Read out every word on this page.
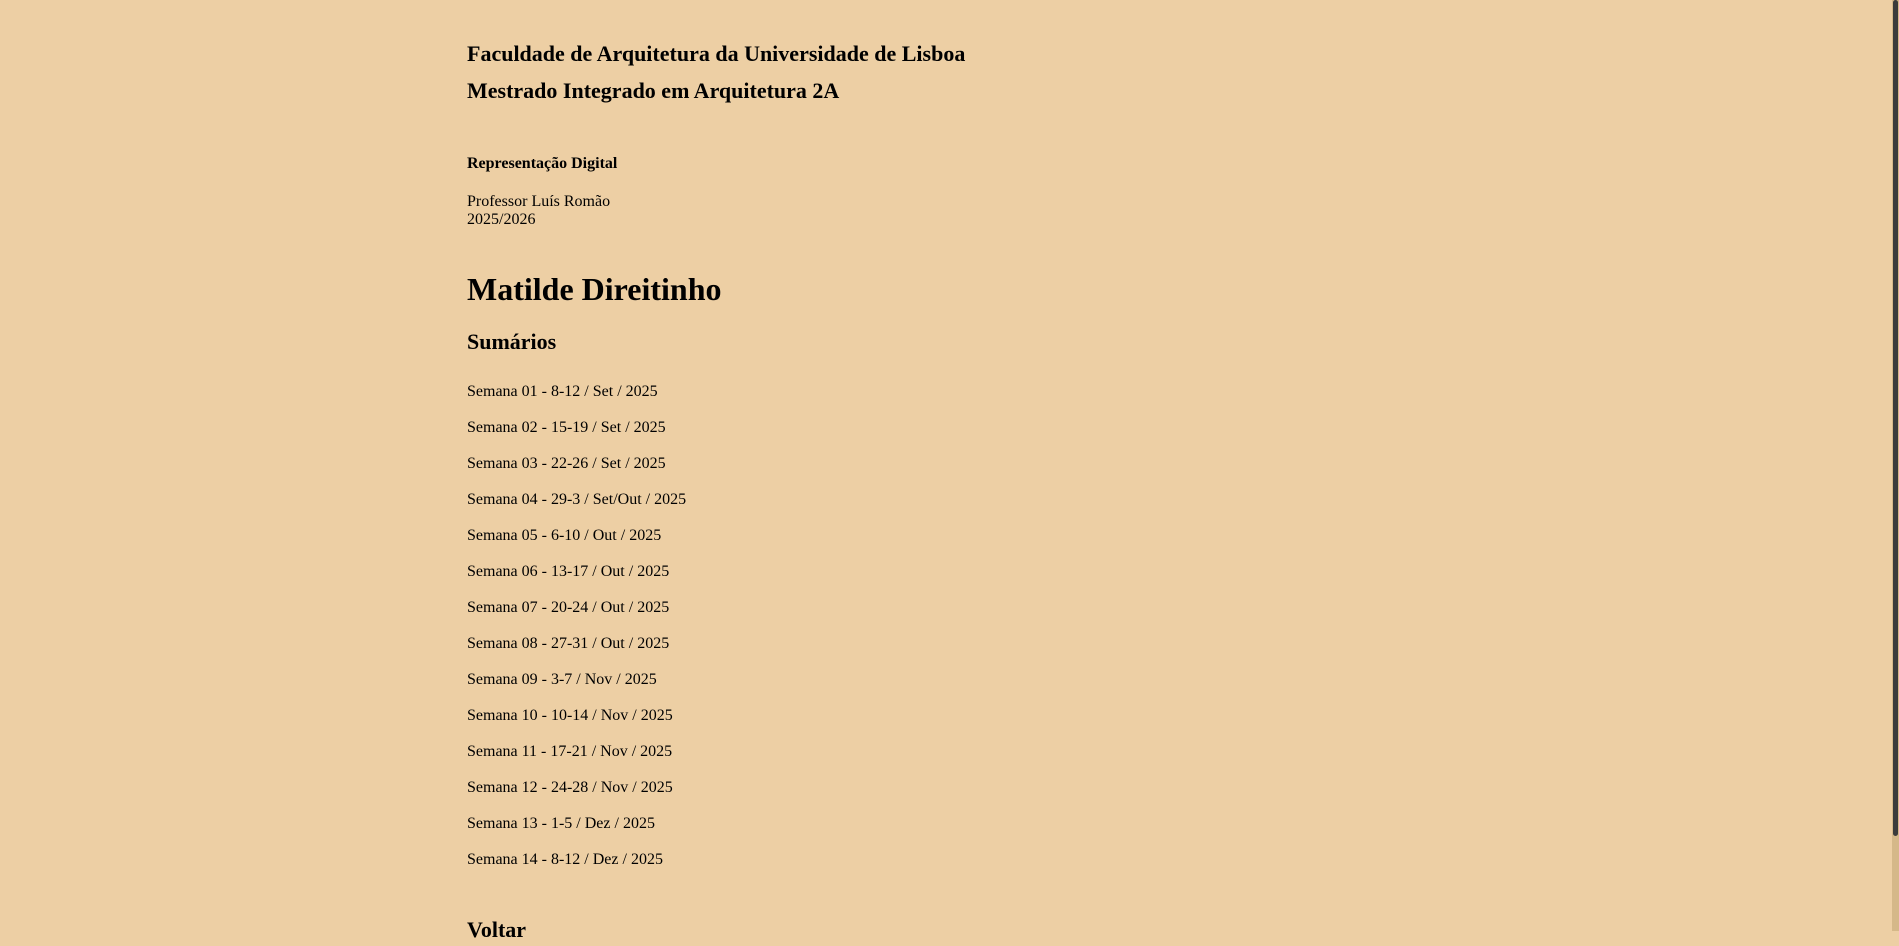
Faculdade de Arquitetura da Universidade de Lisboa
Mestrado Integrado em Arquitetura 2A
Representação Digital
Professor Luís Romão
2025/2026
Matilde Direitinho
Sumários
Semana 01 - 8-12 / Set / 2025
Semana 02 - 15-19 / Set / 2025
Semana 03 - 22-26 / Set / 2025
Semana 04 - 29-3 / Set/Out / 2025
Semana 05 - 6-10 / Out / 2025
Semana 06 - 13-17 / Out / 2025
Semana 07 - 20-24 / Out / 2025
Semana 08 - 27-31 / Out / 2025
Semana 09 - 3-7 / Nov / 2025
Semana 10 - 10-14 / Nov / 2025
Semana 11 - 17-21 / Nov / 2025
Semana 12 - 24-28 / Nov / 2025
Semana 13 - 1-5 / Dez / 2025
Semana 14 - 8-12 / Dez / 2025
Voltar
